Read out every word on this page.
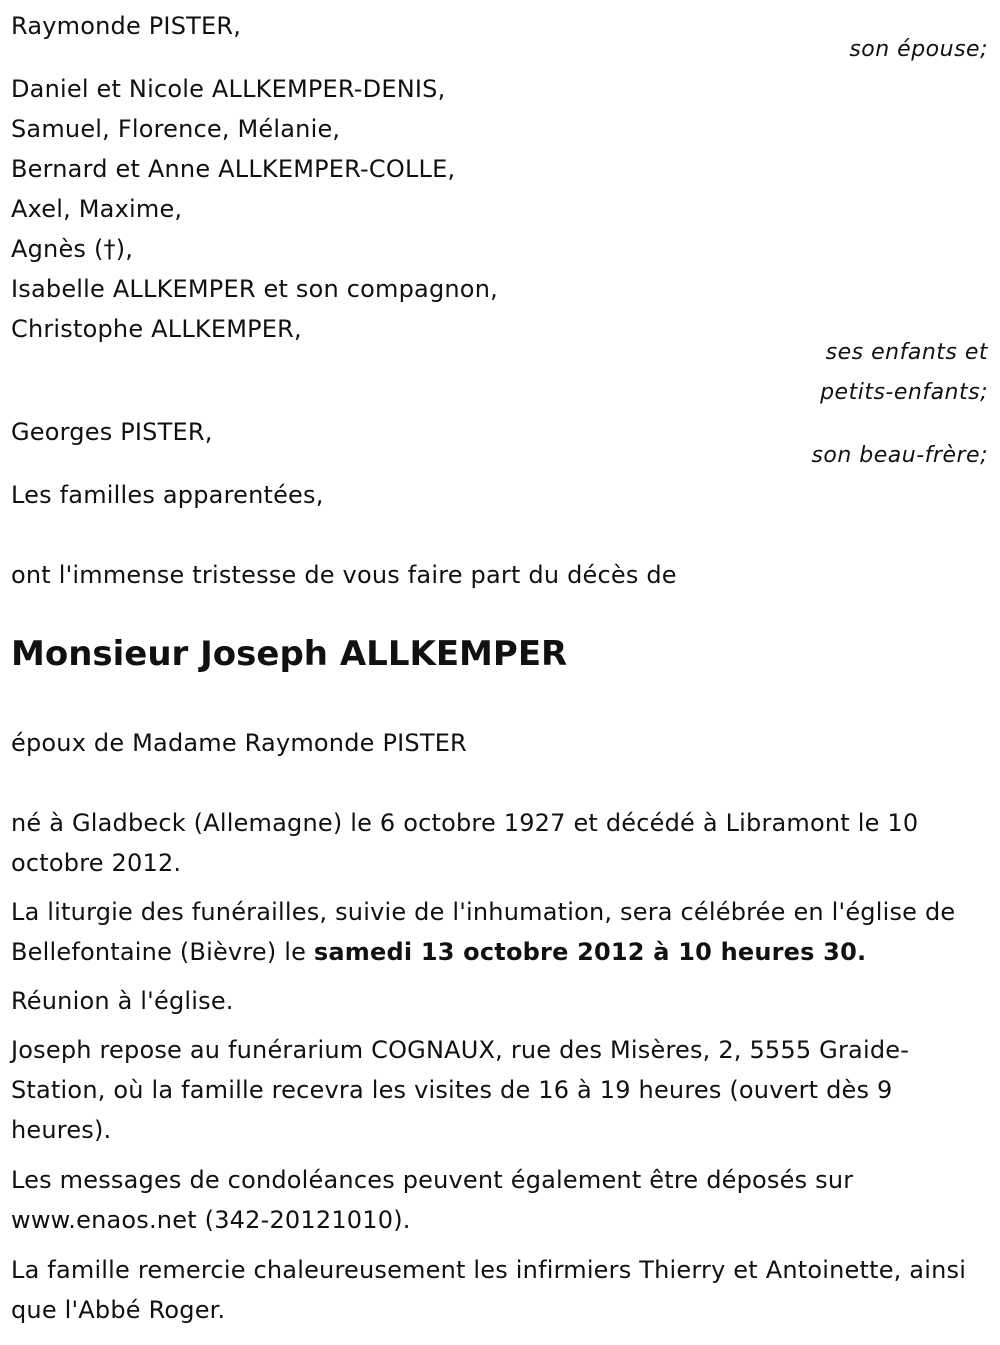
Raymonde PISTER,
son épouse;
Daniel et Nicole ALLKEMPER-DENIS,
Samuel, Florence, Mélanie,
Bernard et Anne ALLKEMPER-COLLE,
Axel, Maxime,
Agnès (†),
Isabelle ALLKEMPER et son compagnon,
Christophe ALLKEMPER,
ses enfants et
petits-enfants;
Georges PISTER,
son beau-frère;
Les familles apparentées,
ont l'immense tristesse de vous faire part du décès de
Monsieur Joseph ALLKEMPER
époux de Madame Raymonde PISTER
né à Gladbeck (Allemagne) le 6 octobre 1927 et décédé à Libramont le 10 octobre 2012.
La liturgie des funérailles, suivie de l'inhumation, sera célébrée en l'église de Bellefontaine (Bièvre) le samedi 13 octobre 2012 à 10 heures 30.
Réunion à l'église.
Joseph repose au funérarium COGNAUX, rue des Misères, 2, 5555 Graide-Station, où la famille recevra les visites de 16 à 19 heures (ouvert dès 9 heures).
Les messages de condoléances peuvent également être déposés sur www.enaos.net (342-20121010).
La famille remercie chaleureusement les infirmiers Thierry et Antoinette, ainsi que l'Abbé Roger.
